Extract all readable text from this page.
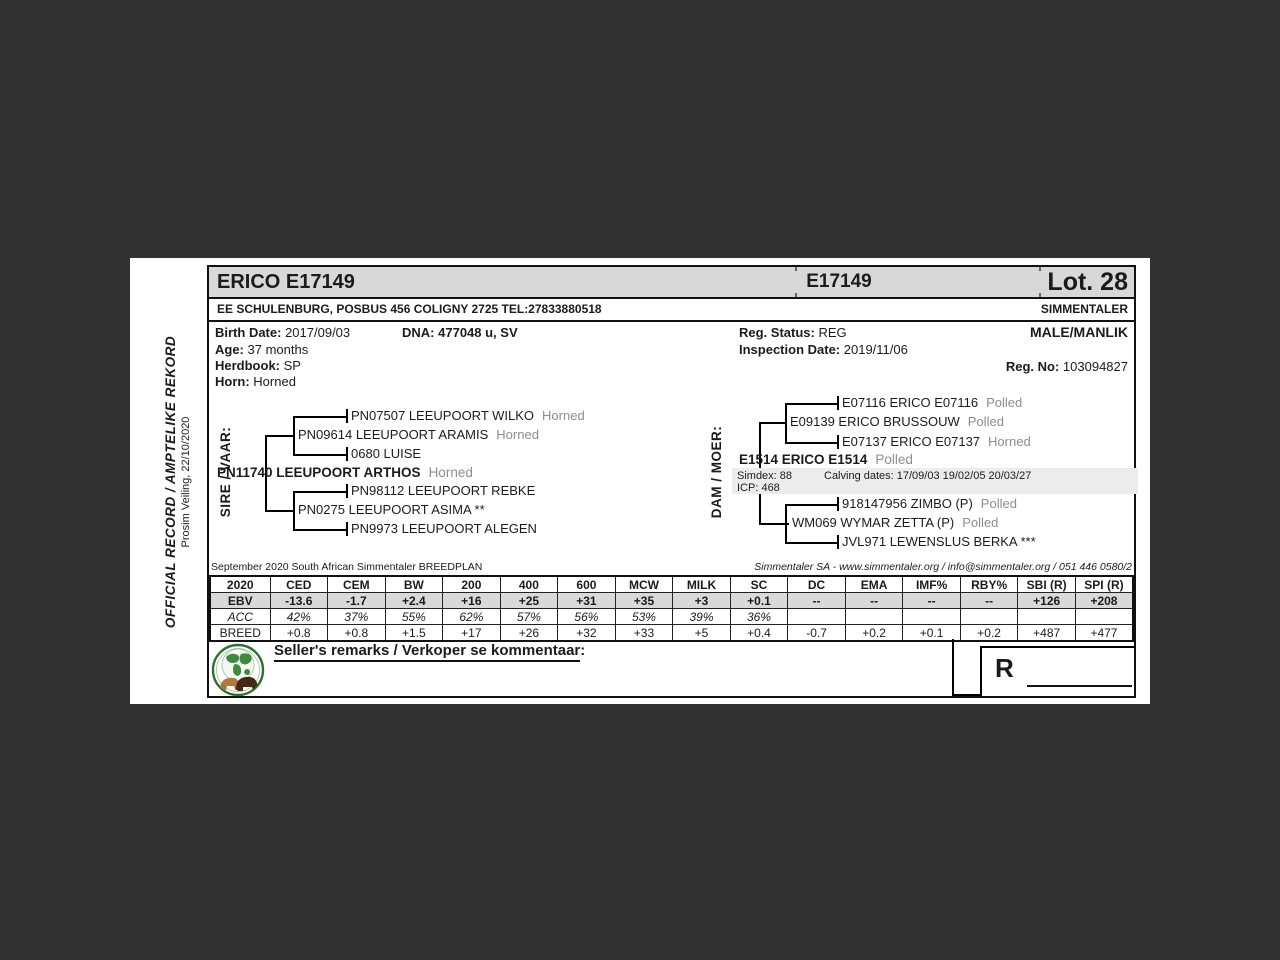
OFFICIAL RECORD / AMPTELIKE REKORD Prosim Veiling, 22/10/2020
ERICO E17149	E17149	Lot. 28
EE SCHULENBURG, POSBUS 456 COLIGNY 2725 TEL:27833880518	SIMMENTALER
Birth Date: 2017/09/03	DNA: 477048 u, SV
Age: 37 months
Herdbook: SP
Horn: Horned
Reg. Status: REG
Inspection Date: 2019/11/06
MALE/MANLIK
Reg. No: 103094827
SIRE / VAAR:
PN07507 LEEUPOORT WILKO Horned
PN09614 LEEUPOORT ARAMIS Horned
0680 LUISE
PN11740 LEEUPOORT ARTHOS Horned
PN98112 LEEUPOORT REBKE
PN0275 LEEUPOORT ASIMA **
PN9973 LEEUPOORT ALEGEN
DAM / MOER:
E07116 ERICO E07116 Polled
E09139 ERICO BRUSSOUW Polled
E07137 ERICO E07137 Horned
E1514 ERICO E1514 Polled
Simdex: 88	Calving dates: 17/09/03 19/02/05 20/03/27
ICP: 468
918147956 ZIMBO (P) Polled
WM069 WYMAR ZETTA (P) Polled
JVL971 LEWENSLUS BERKA ***
September 2020 South African Simmentaler BREEDPLAN	Simmentaler SA - www.simmentaler.org / info@simmentaler.org / 051 446 0580/2
2020	CED	CEM	BW	200	400	600	MCW	MILK	SC	DC	EMA	IMF%	RBY%	SBI (R)	SPI (R)
EBV	-13.6	-1.7	+2.4	+16	+25	+31	+35	+3	+0.1	--	--	--	--	+126	+208
ACC	42%	37%	55%	62%	57%	56%	53%	39%	36%						
BREED	+0.8	+0.8	+1.5	+17	+26	+32	+33	+5	+0.4	-0.7	+0.2	+0.1	+0.2	+487	+477
Seller's remarks / Verkoper se kommentaar:
R
